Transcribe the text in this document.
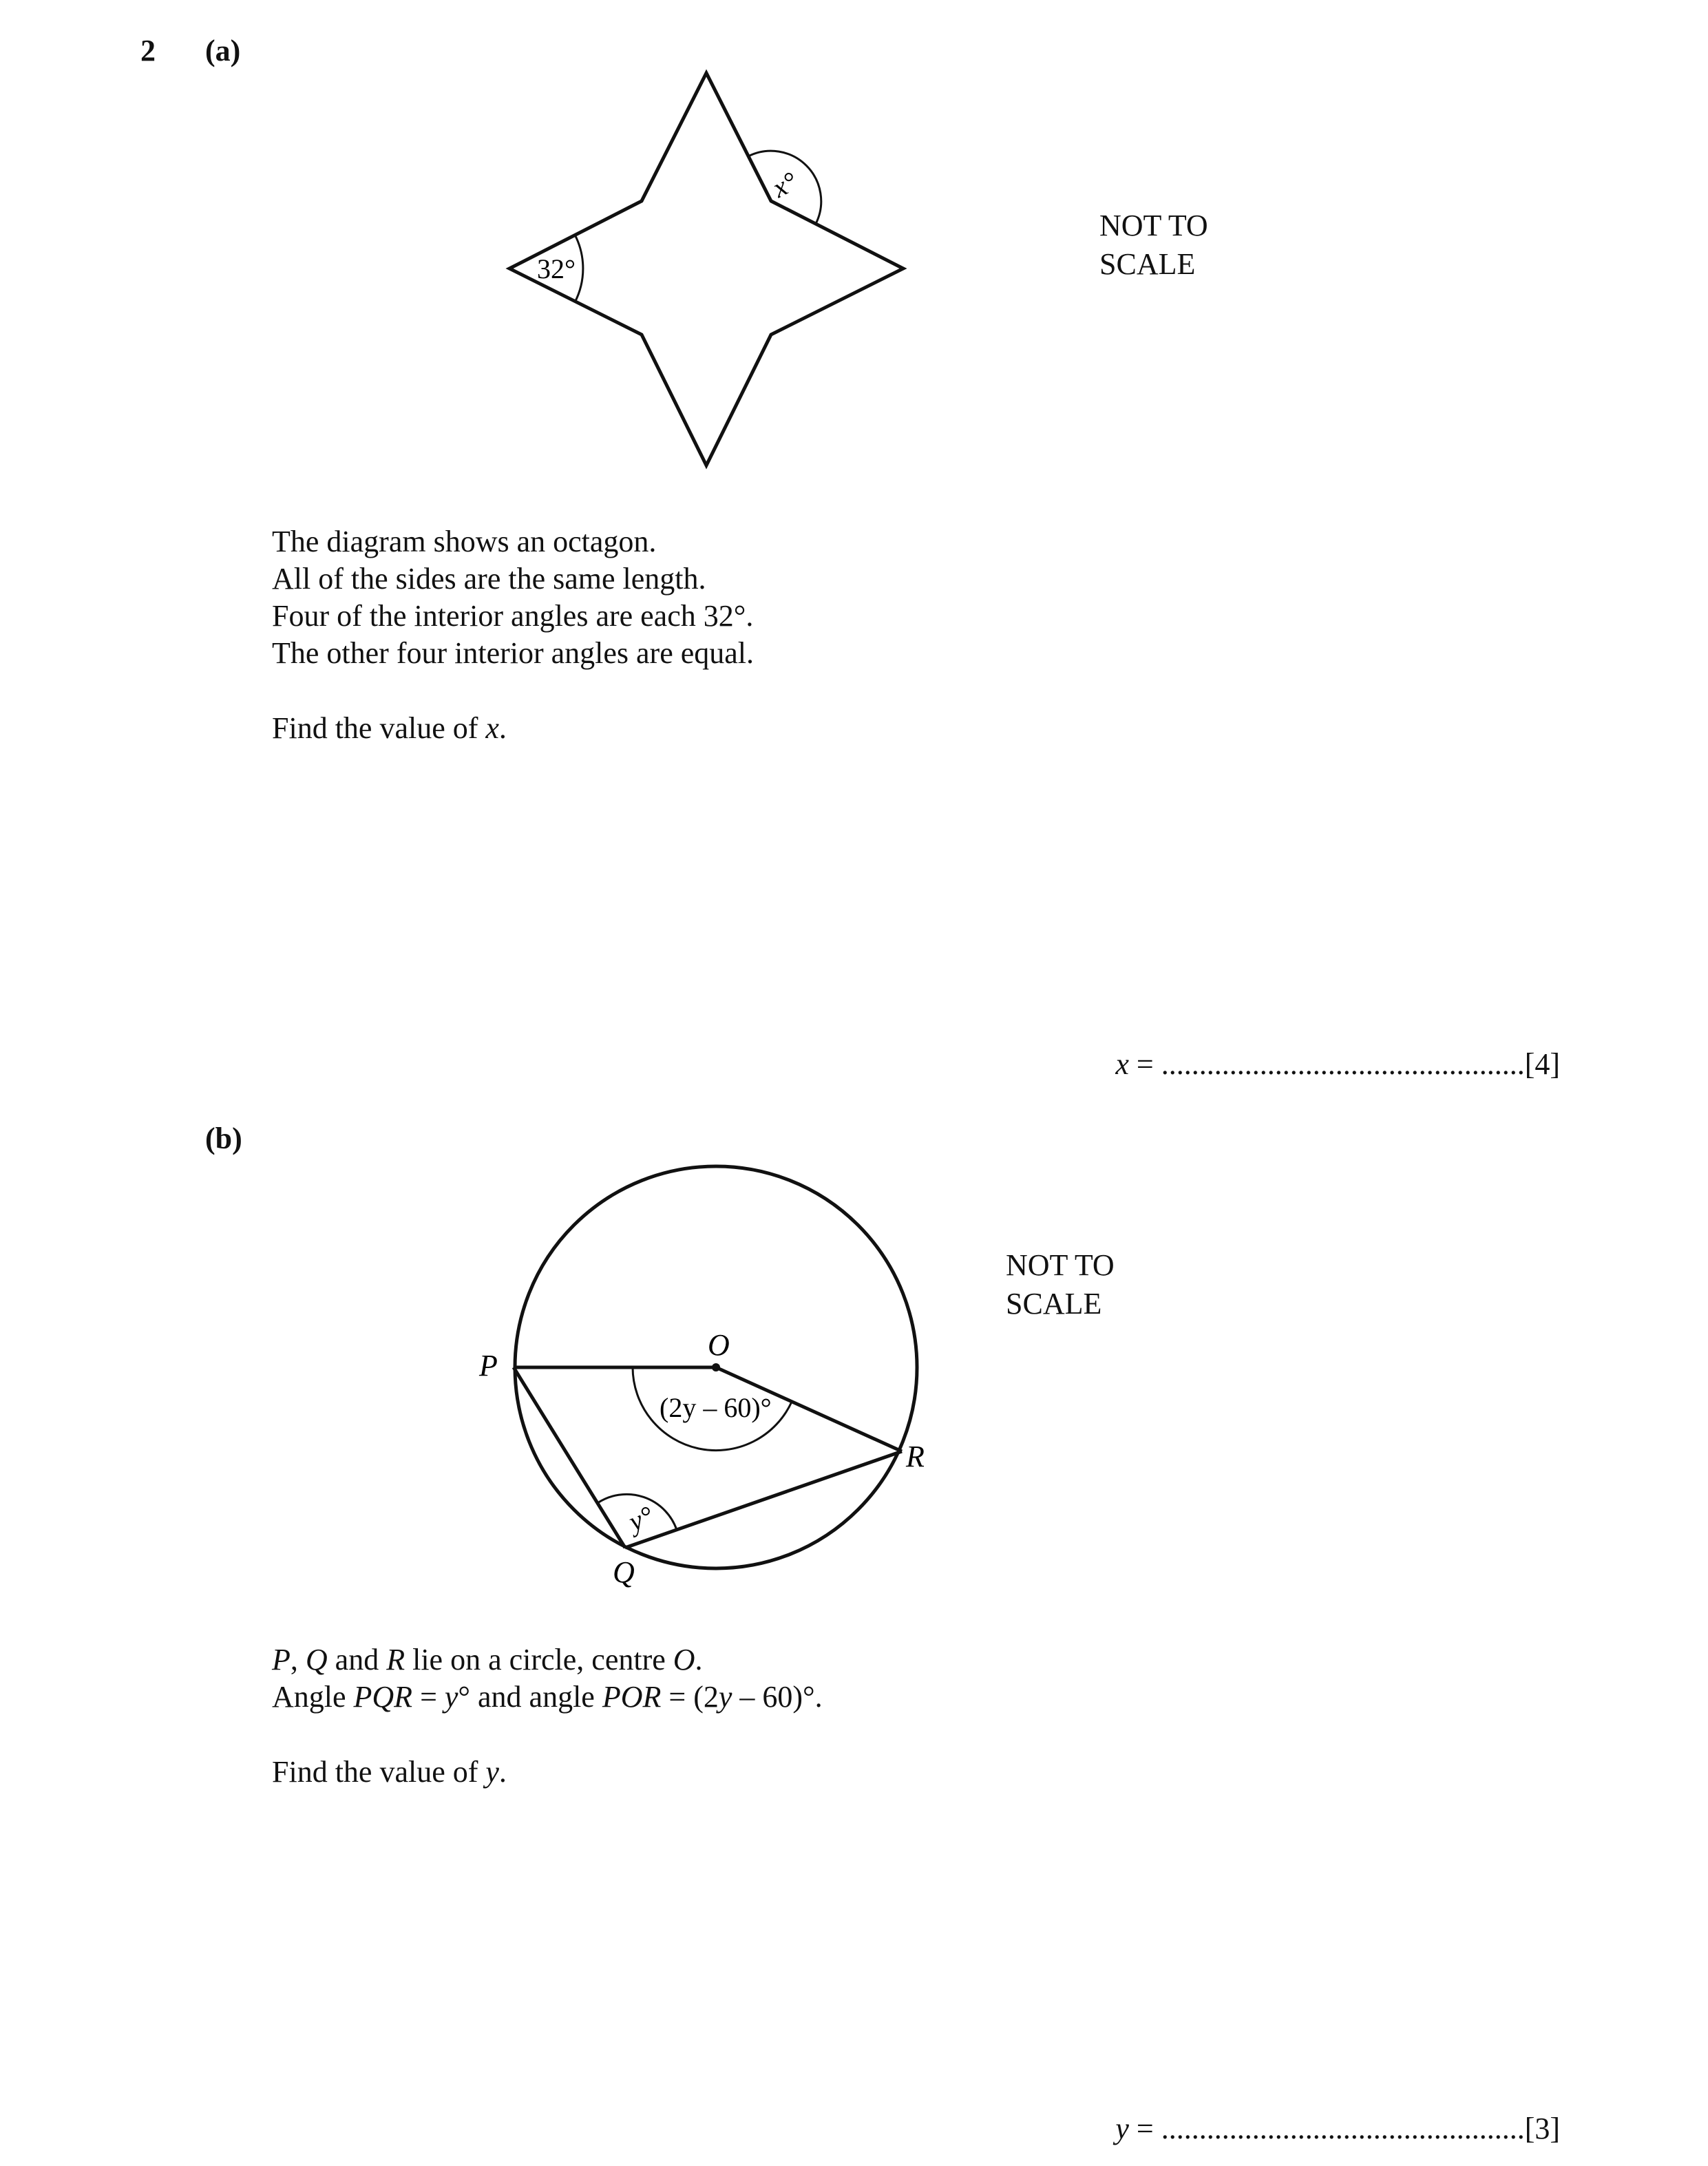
2 (a)
32°
x°
P
O
R
Q
(2y – 60)°
y°
NOT TO
SCALE
The diagram shows an octagon.
All of the sides are the same length.
Four of the interior angles are each 32°.
The other four interior angles are equal.
Find the value of x.
x = ................................................[4]
(b)
NOT TO
SCALE
P, Q and R lie on a circle, centre O.
Angle PQR = y° and angle POR = (2y – 60)°.
Find the value of y.
y = ................................................[3]
